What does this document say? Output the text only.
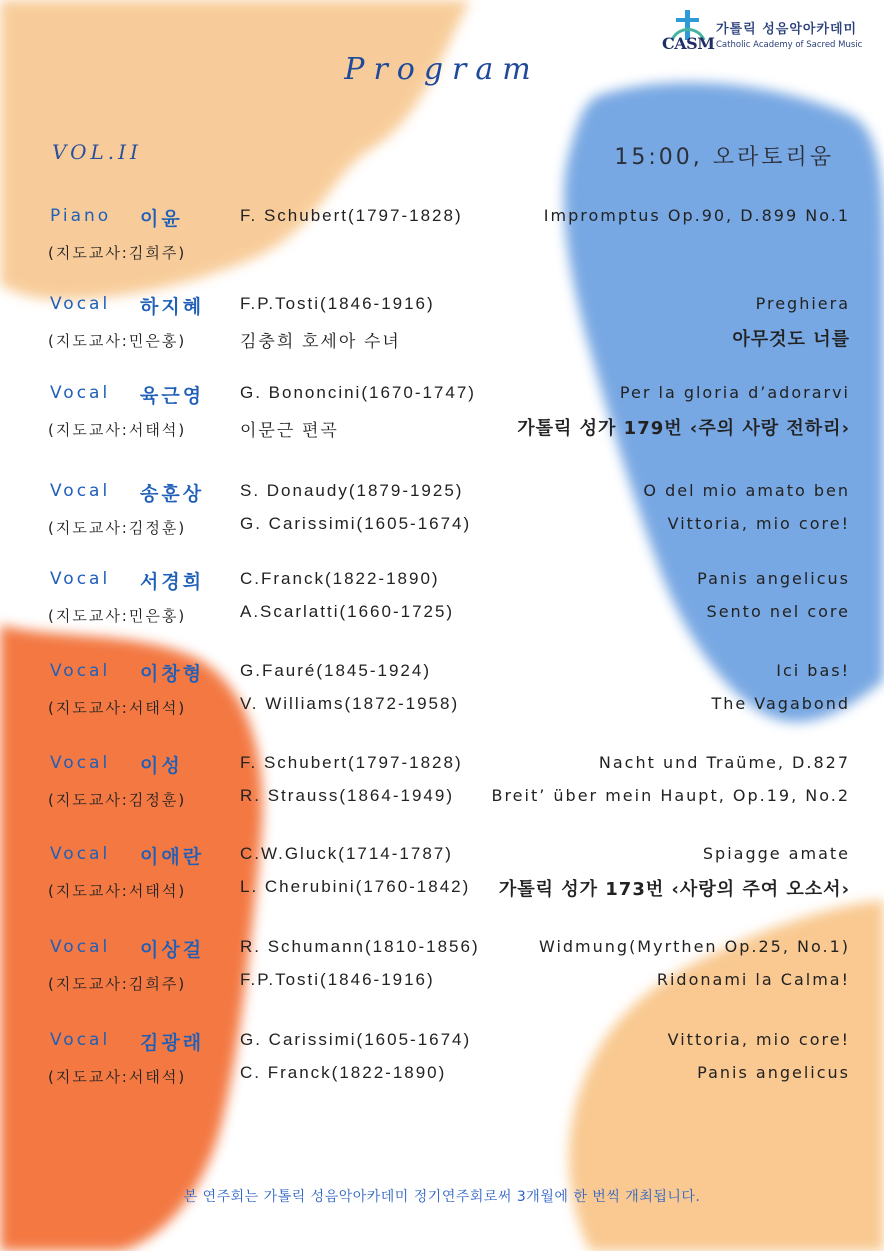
CASM
가톨릭 성음악아카데미
Catholic Academy of Sacred Music
Program
VOL.II	15:00, 오라토리움
Piano 이윤
(지도교사:김희주)
F. Schubert(1797-1828)	Impromptus Op.90, D.899 No.1
Vocal 하지혜
(지도교사:민은홍)
F.P.Tosti(1846-1916)
김충희 호세아 수녀
Preghiera
아무것도 너를
Vocal 육근영
(지도교사:서태석)
G. Bononcini(1670-1747)
이문근 편곡
Per la gloria d’adorarvi
가톨릭 성가 179번 ‹주의 사랑 전하리›
Vocal 송훈상
(지도교사:김정훈)
S. Donaudy(1879-1925)
G. Carissimi(1605-1674)
O del mio amato ben
Vittoria, mio core!
Vocal 서경희
(지도교사:민은홍)
C.Franck(1822-1890)
A.Scarlatti(1660-1725)
Panis angelicus
Sento nel core
Vocal 이창형
(지도교사:서태석)
G.Fauré(1845-1924)
V. Williams(1872-1958)
Ici bas!
The Vagabond
Vocal 이성
(지도교사:김정훈)
F. Schubert(1797-1828)
R. Strauss(1864-1949)
Nacht und Traüme, D.827
Breit’ über mein Haupt, Op.19, No.2
Vocal 이애란
(지도교사:서태석)
C.W.Gluck(1714-1787)
L. Cherubini(1760-1842)
Spiagge amate
가톨릭 성가 173번 ‹사랑의 주여 오소서›
Vocal 이상걸
(지도교사:김희주)
R. Schumann(1810-1856)
F.P.Tosti(1846-1916)
Widmung(Myrthen Op.25, No.1)
Ridonami la Calma!
Vocal 김광래
(지도교사:서태석)
G. Carissimi(1605-1674)
C. Franck(1822-1890)
Vittoria, mio core!
Panis angelicus
본 연주회는 가톨릭 성음악아카데미 정기연주회로써 3개월에 한 번씩 개최됩니다.
